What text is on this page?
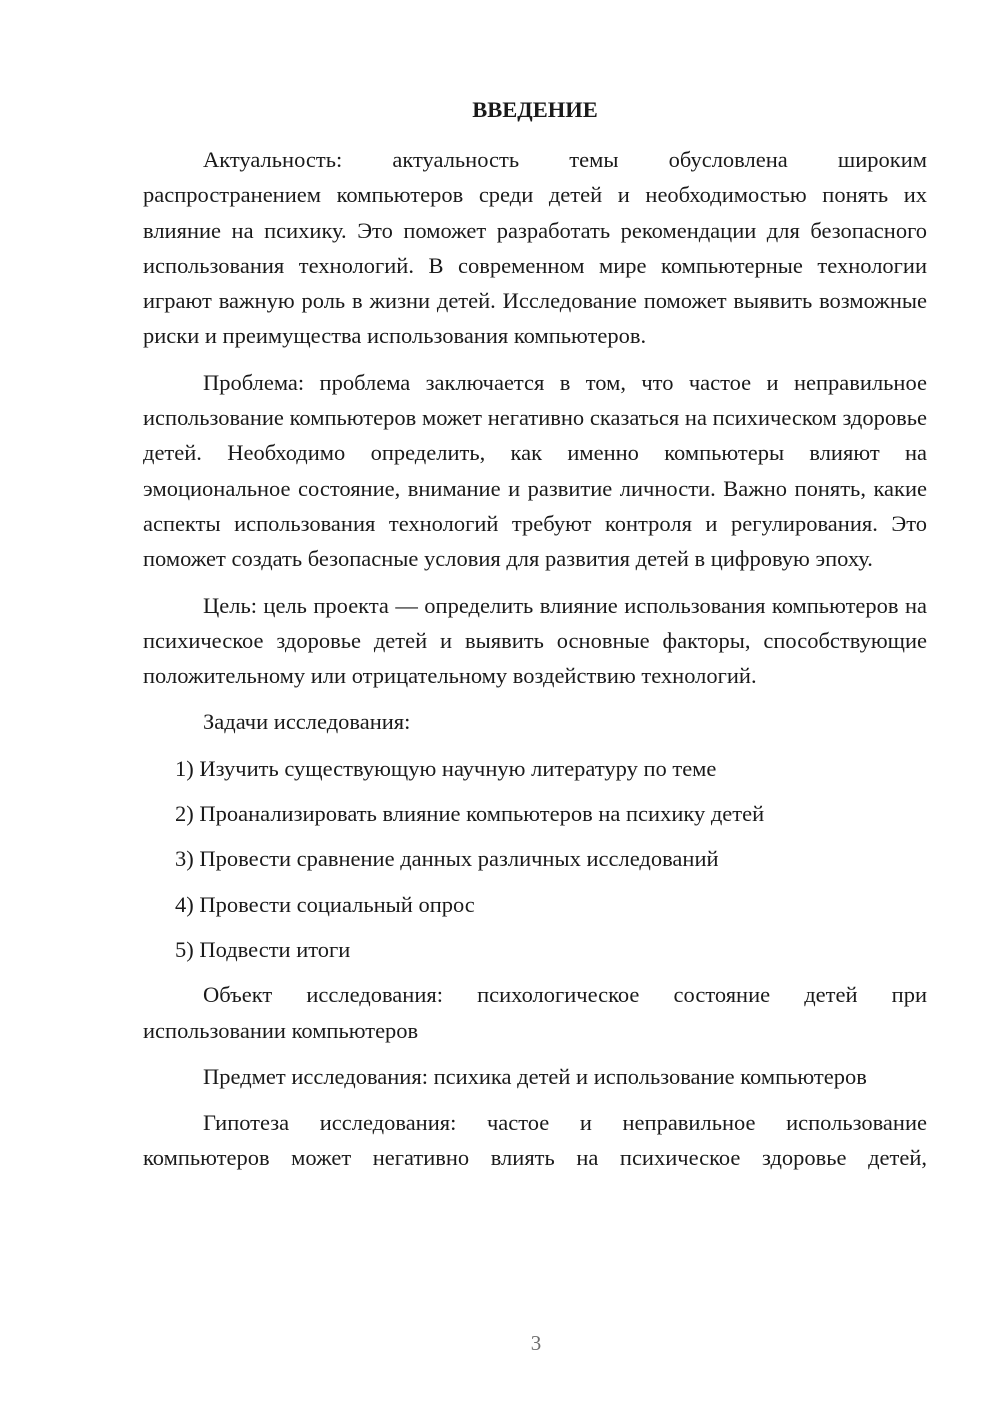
ВВЕДЕНИЕ

Актуальность: актуальность темы обусловлена широким распространением компьютеров среди детей и необходимостью понять их влияние на психику. Это поможет разработать рекомендации для безопасного использования технологий. В современном мире компьютерные технологии играют важную роль в жизни детей. Исследование поможет выявить возможные риски и преимущества использования компьютеров.

Проблема: проблема заключается в том, что частое и неправильное использование компьютеров может негативно сказаться на психическом здоровье детей. Необходимо определить, как именно компьютеры влияют на эмоциональное состояние, внимание и развитие личности. Важно понять, какие аспекты использования технологий требуют контроля и регулирования. Это поможет создать безопасные условия для развития детей в цифровую эпоху.

Цель: цель проекта — определить влияние использования компьютеров на психическое здоровье детей и выявить основные факторы, способствующие положительному или отрицательному воздействию технологий.

Задачи исследования:

1) Изучить существующую научную литературу по теме
2) Проанализировать влияние компьютеров на психику детей
3) Провести сравнение данных различных исследований
4) Провести социальный опрос
5) Подвести итоги

Объект исследования: психологическое состояние детей при использовании компьютеров

Предмет исследования: психика детей и использование компьютеров

Гипотеза исследования: частое и неправильное использование компьютеров может негативно влиять на психическое здоровье детей,

3
